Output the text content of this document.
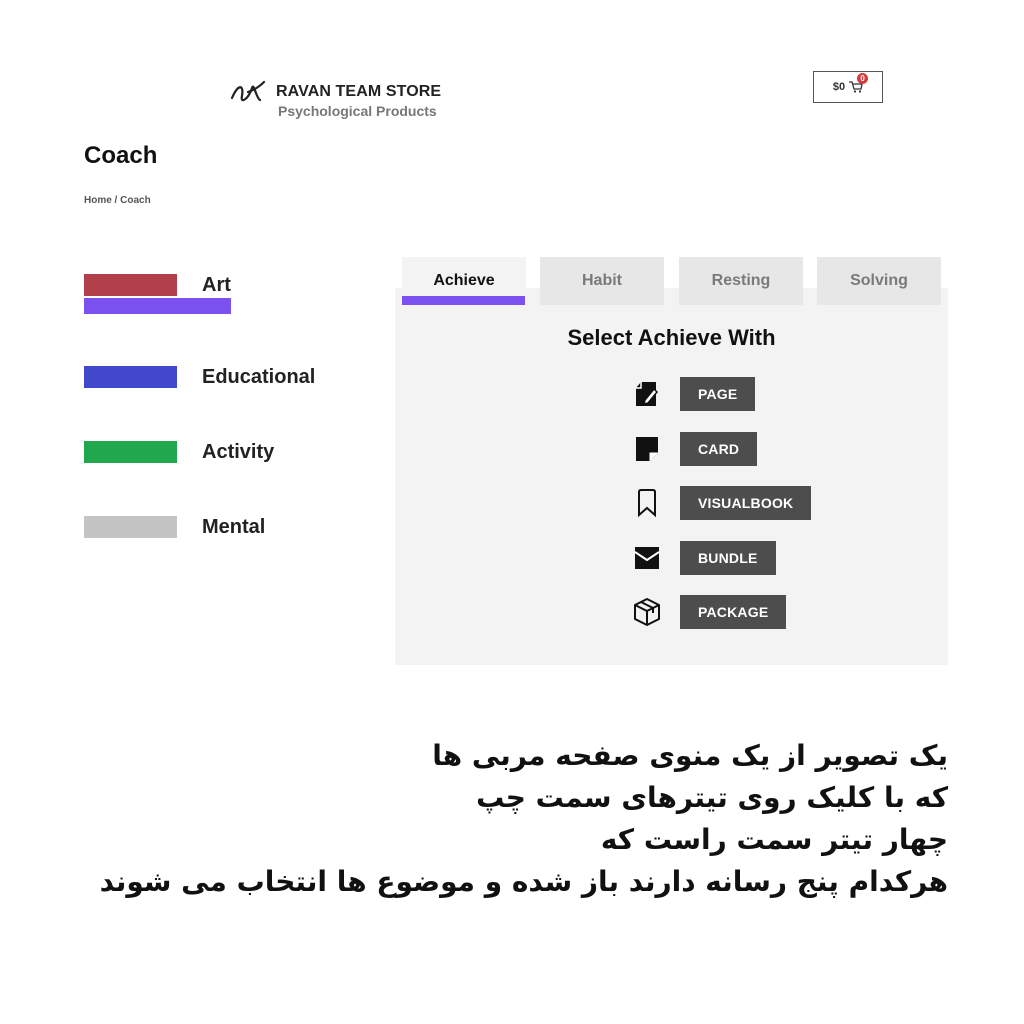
RAVAN TEAM STORE
Psychological Products
$0
0
Coach
Home / Coach
Art
Educational
Activity
Mental
Achieve	Habit	Resting	Solving
Select Achieve With
PAGE
CARD
VISUALBOOK
BUNDLE
PACKAGE
یک تصویر از یک منوی صفحه مربی ها
که با کلیک روی تیترهای سمت چپ
چهار تیتر سمت راست که
هرکدام پنج رسانه دارند باز شده و موضوع ها انتخاب می شوند
